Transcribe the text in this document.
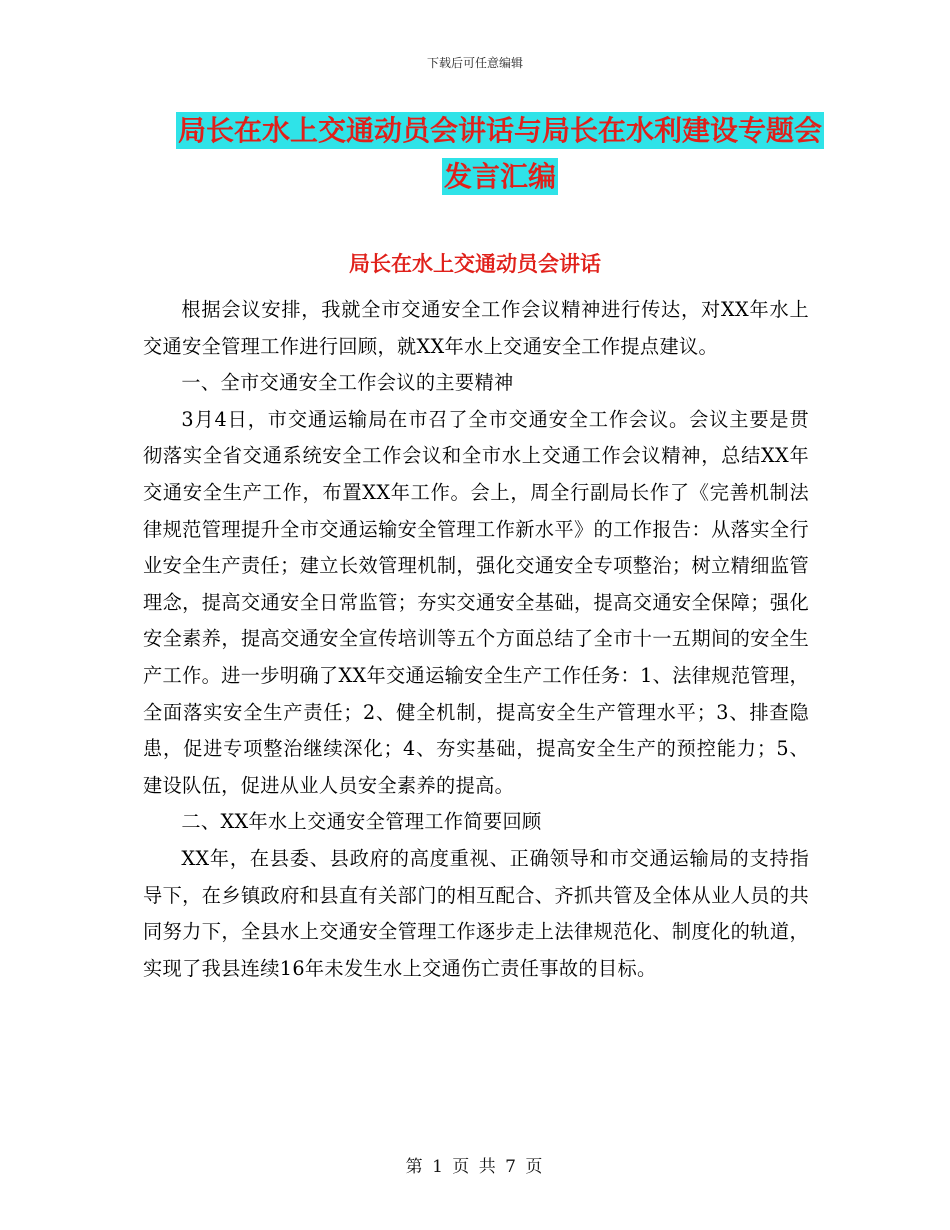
下载后可任意编辑
局长在水上交通动员会讲话与局长在水利建设专题会
发言汇编
局长在水上交通动员会讲话

根据会议安排，我就全市交通安全工作会议精神进行传达，对XX年水上交通安全管理工作进行回顾，就XX年水上交通安全工作提点建议。

一、全市交通安全工作会议的主要精神

3月4日，市交通运输局在市召了全市交通安全工作会议。会议主要是贯彻落实全省交通系统安全工作会议和全市水上交通工作会议精神，总结XX年交通安全生产工作，布置XX年工作。会上，周全行副局长作了《完善机制法律规范管理提升全市交通运输安全管理工作新水平》的工作报告：从落实全行业安全生产责任；建立长效管理机制，强化交通安全专项整治；树立精细监管理念，提高交通安全日常监管；夯实交通安全基础，提高交通安全保障；强化安全素养，提高交通安全宣传培训等五个方面总结了全市十一五期间的安全生产工作。进一步明确了XX年交通运输安全生产工作任务：1、法律规范管理，全面落实安全生产责任；2、健全机制，提高安全生产管理水平；3、排查隐患，促进专项整治继续深化；4、夯实基础，提高安全生产的预控能力；5、建设队伍，促进从业人员安全素养的提高。

二、XX年水上交通安全管理工作简要回顾

XX年，在县委、县政府的高度重视、正确领导和市交通运输局的支持指导下，在乡镇政府和县直有关部门的相互配合、齐抓共管及全体从业人员的共同努力下，全县水上交通安全管理工作逐步走上法律规范化、制度化的轨道，实现了我县连续16年未发生水上交通伤亡责任事故的目标。

第 1 页 共 7 页
